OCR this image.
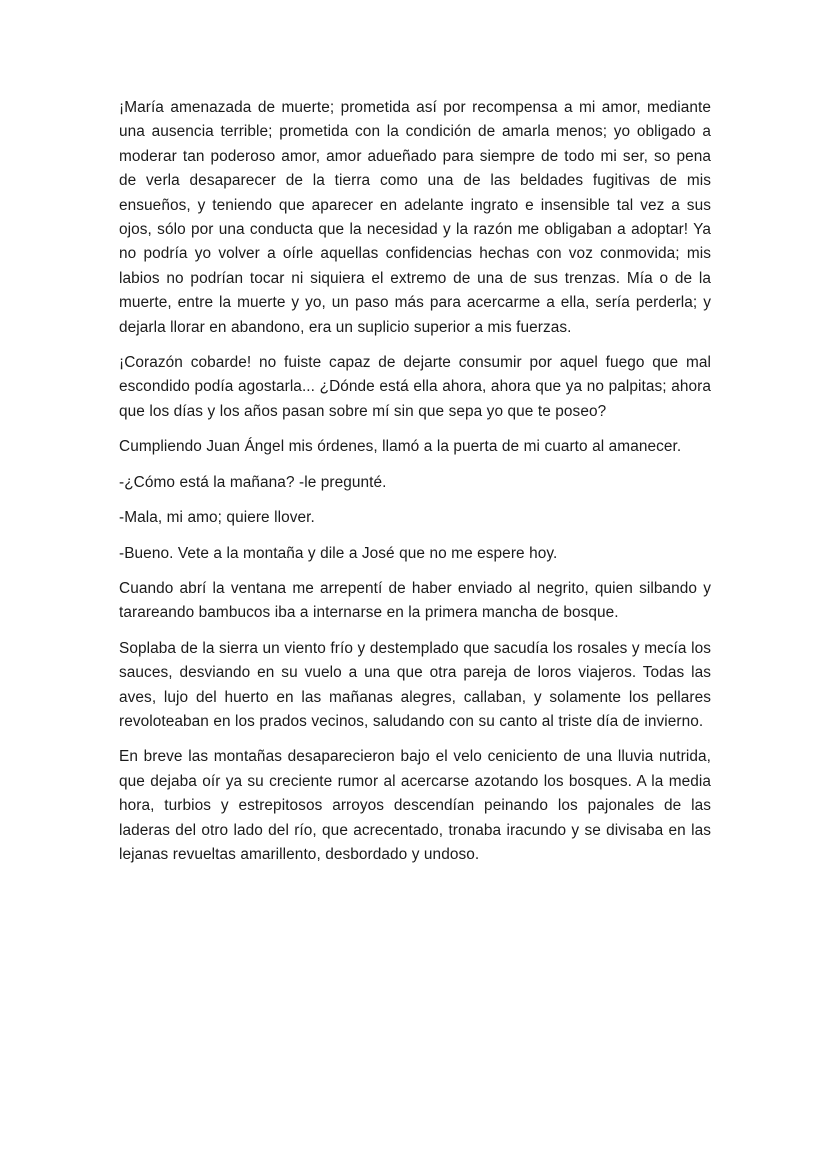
¡María amenazada de muerte; prometida así por recompensa a mi amor, mediante una ausencia terrible; prometida con la condición de amarla menos; yo obligado a moderar tan poderoso amor, amor adueñado para siempre de todo mi ser, so pena de verla desaparecer de la tierra como una de las beldades fugitivas de mis ensueños, y teniendo que aparecer en adelante ingrato e insensible tal vez a sus ojos, sólo por una conducta que la necesidad y la razón me obligaban a adoptar! Ya no podría yo volver a oírle aquellas confidencias hechas con voz conmovida; mis labios no podrían tocar ni siquiera el extremo de una de sus trenzas. Mía o de la muerte, entre la muerte y yo, un paso más para acercarme a ella, sería perderla; y dejarla llorar en abandono, era un suplicio superior a mis fuerzas.

¡Corazón cobarde! no fuiste capaz de dejarte consumir por aquel fuego que mal escondido podía agostarla... ¿Dónde está ella ahora, ahora que ya no palpitas; ahora que los días y los años pasan sobre mí sin que sepa yo que te poseo?

Cumpliendo Juan Ángel mis órdenes, llamó a la puerta de mi cuarto al amanecer.

-¿Cómo está la mañana? -le pregunté.

-Mala, mi amo; quiere llover.

-Bueno. Vete a la montaña y dile a José que no me espere hoy.

Cuando abrí la ventana me arrepentí de haber enviado al negrito, quien silbando y tarareando bambucos iba a internarse en la primera mancha de bosque.

Soplaba de la sierra un viento frío y destemplado que sacudía los rosales y mecía los sauces, desviando en su vuelo a una que otra pareja de loros viajeros. Todas las aves, lujo del huerto en las mañanas alegres, callaban, y solamente los pellares revoloteaban en los prados vecinos, saludando con su canto al triste día de invierno.

En breve las montañas desaparecieron bajo el velo ceniciento de una lluvia nutrida, que dejaba oír ya su creciente rumor al acercarse azotando los bosques. A la media hora, turbios y estrepitosos arroyos descendían peinando los pajonales de las laderas del otro lado del río, que acrecentado, tronaba iracundo y se divisaba en las lejanas revueltas amarillento, desbordado y undoso.
